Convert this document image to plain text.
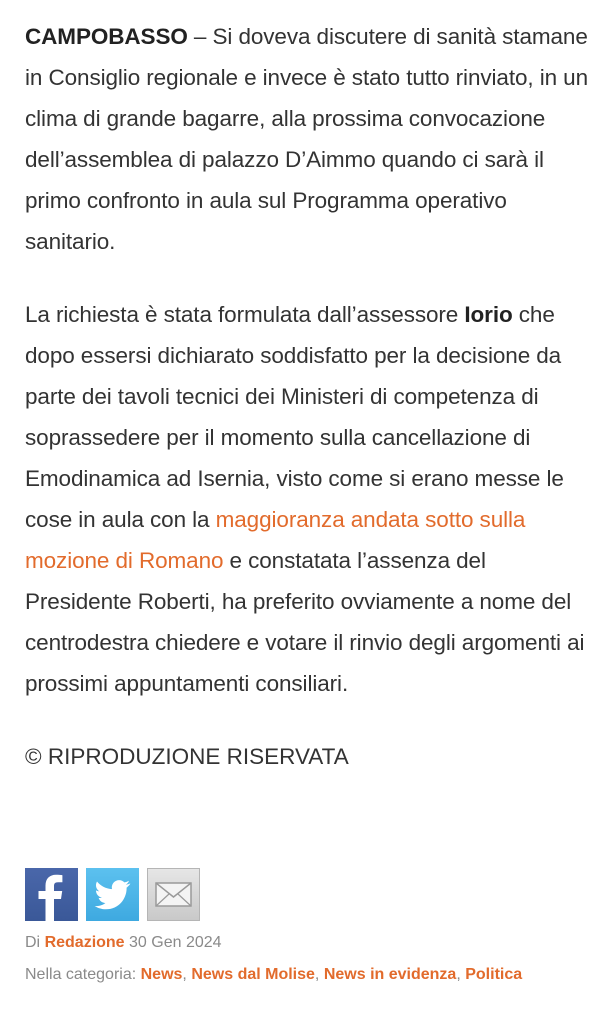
CAMPOBASSO – Si doveva discutere di sanità stamane in Consiglio regionale e invece è stato tutto rinviato, in un clima di grande bagarre, alla prossima convocazione dell’assemblea di palazzo D’Aimmo quando ci sarà il primo confronto in aula sul Programma operativo sanitario.

La richiesta è stata formulata dall’assessore Iorio che dopo essersi dichiarato soddisfatto per la decisione da parte dei tavoli tecnici dei Ministeri di competenza di soprassedere per il momento sulla cancellazione di Emodinamica ad Isernia, visto come si erano messe le cose in aula con la maggioranza andata sotto sulla mozione di Romano e constatata l’assenza del Presidente Roberti, ha preferito ovviamente a nome del centrodestra chiedere e votare il rinvio degli argomenti ai prossimi appuntamenti consiliari.

© RIPRODUZIONE RISERVATA

Di Redazione 30 Gen 2024
Nella categoria: News, News dal Molise, News in evidenza, Politica
